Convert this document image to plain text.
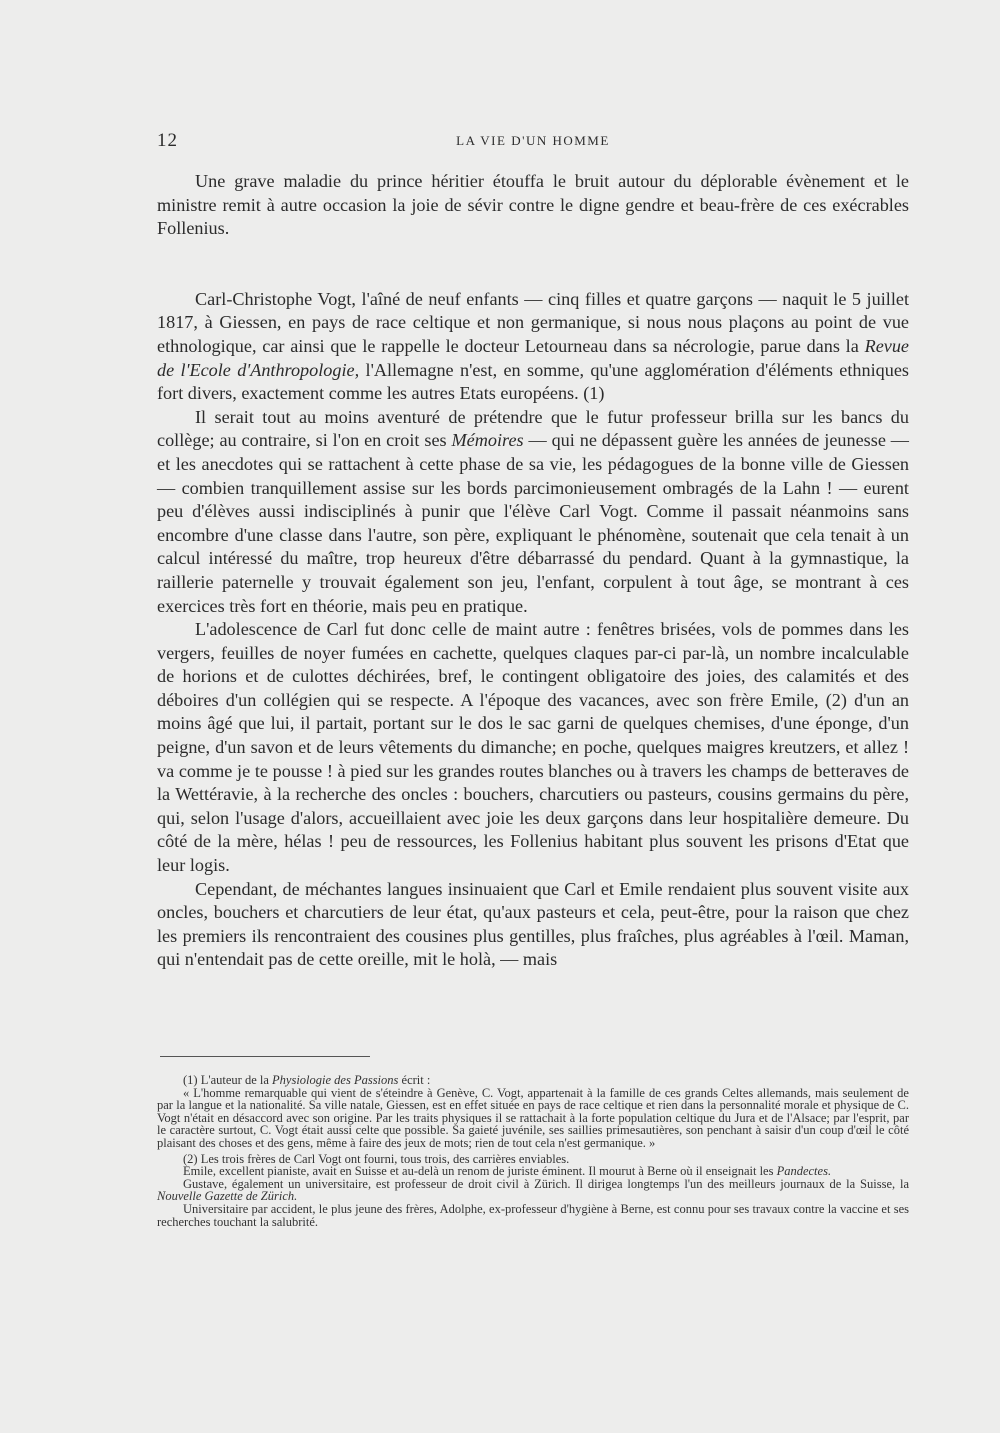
12	LA VIE D'UN HOMME

Une grave maladie du prince héritier étouffa le bruit autour du déplorable évènement et le ministre remit à autre occasion la joie de sévir contre le digne gendre et beau-frère de ces exécrables Follenius.

Carl-Christophe Vogt, l'aîné de neuf enfants — cinq filles et quatre garçons — naquit le 5 juillet 1817, à Giessen, en pays de race celtique et non germanique, si nous nous plaçons au point de vue ethnologique, car ainsi que le rappelle le docteur Letourneau dans sa nécrologie, parue dans la Revue de l'Ecole d'Anthropologie, l'Allemagne n'est, en somme, qu'une agglomération d'éléments ethniques fort divers, exactement comme les autres Etats européens. (1)

Il serait tout au moins aventuré de prétendre que le futur professeur brilla sur les bancs du collège; au contraire, si l'on en croit ses Mémoires — qui ne dépassent guère les années de jeunesse — et les anecdotes qui se rattachent à cette phase de sa vie, les pédagogues de la bonne ville de Giessen — combien tranquillement assise sur les bords parcimonieusement ombragés de la Lahn ! — eurent peu d'élèves aussi indisciplinés à punir que l'élève Carl Vogt. Comme il passait néanmoins sans encombre d'une classe dans l'autre, son père, expliquant le phénomène, soutenait que cela tenait à un calcul intéressé du maître, trop heureux d'être débarrassé du pendard. Quant à la gymnastique, la raillerie paternelle y trouvait également son jeu, l'enfant, corpulent à tout âge, se montrant à ces exercices très fort en théorie, mais peu en pratique.

L'adolescence de Carl fut donc celle de maint autre : fenêtres brisées, vols de pommes dans les vergers, feuilles de noyer fumées en cachette, quelques claques par-ci par-là, un nombre incalculable de horions et de culottes déchirées, bref, le contingent obligatoire des joies, des calamités et des déboires d'un collégien qui se respecte. A l'époque des vacances, avec son frère Emile, (2) d'un an moins âgé que lui, il partait, portant sur le dos le sac garni de quelques chemises, d'une éponge, d'un peigne, d'un savon et de leurs vêtements du dimanche; en poche, quelques maigres kreutzers, et allez ! va comme je te pousse ! à pied sur les grandes routes blanches ou à travers les champs de betteraves de la Wettéravie, à la recherche des oncles : bouchers, charcutiers ou pasteurs, cousins germains du père, qui, selon l'usage d'alors, accueillaient avec joie les deux garçons dans leur hospitalière demeure. Du côté de la mère, hélas ! peu de ressources, les Follenius habitant plus souvent les prisons d'Etat que leur logis.

Cependant, de méchantes langues insinuaient que Carl et Emile rendaient plus souvent visite aux oncles, bouchers et charcutiers de leur état, qu'aux pasteurs et cela, peut-être, pour la raison que chez les premiers ils rencontraient des cousines plus gentilles, plus fraîches, plus agréables à l'œil. Maman, qui n'entendait pas de cette oreille, mit le holà, — mais

(1) L'auteur de la Physiologie des Passions écrit :

« L'homme remarquable qui vient de s'éteindre à Genève, C. Vogt, appartenait à la famille de ces grands Celtes allemands, mais seulement de par la langue et la nationalité. Sa ville natale, Giessen, est en effet située en pays de race celtique et rien dans la personnalité morale et physique de C. Vogt n'était en désaccord avec son origine. Par les traits physiques il se rattachait à la forte population celtique du Jura et de l'Alsace; par l'esprit, par le caractère surtout, C. Vogt était aussi celte que possible. Sa gaieté juvénile, ses saillies primesautières, son penchant à saisir d'un coup d'œil le côté plaisant des choses et des gens, même à faire des jeux de mots; rien de tout cela n'est germanique. »

(2) Les trois frères de Carl Vogt ont fourni, tous trois, des carrières enviables.

Emile, excellent pianiste, avait en Suisse et au-delà un renom de juriste éminent. Il mourut à Berne où il enseignait les Pandectes.

Gustave, également un universitaire, est professeur de droit civil à Zürich. Il dirigea longtemps l'un des meilleurs journaux de la Suisse, la Nouvelle Gazette de Zürich.

Universitaire par accident, le plus jeune des frères, Adolphe, ex-professeur d'hygiène à Berne, est connu pour ses travaux contre la vaccine et ses recherches touchant la salubrité.
